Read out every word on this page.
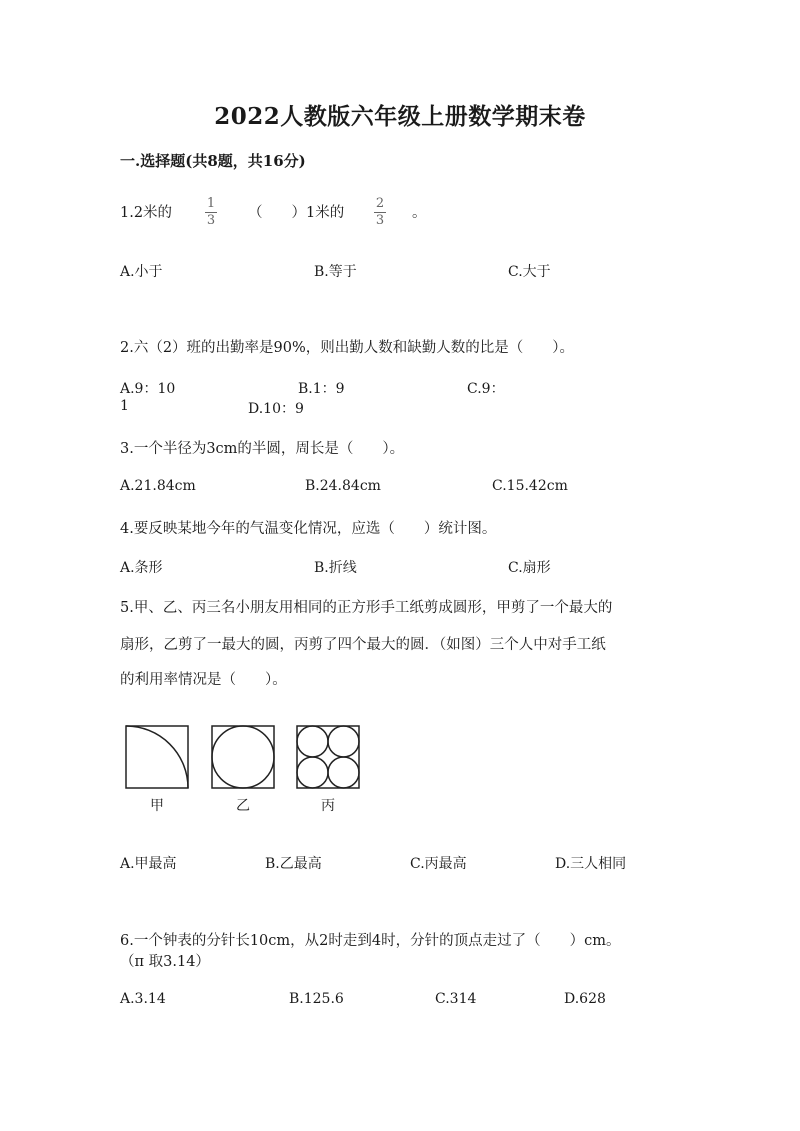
2022人教版六年级上册数学期末卷
一.选择题(共8题，共16分)
1.2米的
1
3 （　　）1米的
2
3 。
A.小于	B.等于	C.大于
2.六（2）班的出勤率是90%，则出勤人数和缺勤人数的比是（　　）。
A.9：10	B.1：9	C.9：
1	D.10：9
3.一个半径为3cm的半圆，周长是（　　）。
A.21.84cm	B.24.84cm	C.15.42cm
4.要反映某地今年的气温变化情况，应选（　　）统计图。
A.条形	B.折线	C.扇形
5.甲、乙、丙三名小朋友用相同的正方形手工纸剪成圆形，甲剪了一个最大的
扇形，乙剪了一最大的圆，丙剪了四个最大的圆．（如图）三个人中对手工纸
的利用率情况是（　　）。
甲	乙	丙
A.甲最高	B.乙最高	C.丙最高	D.三人相同
6.一个钟表的分针长10cm，从2时走到4时，分针的顶点走过了（　　）cm。
（π 取3.14）
A.3.14	B.125.6	C.314	D.628
